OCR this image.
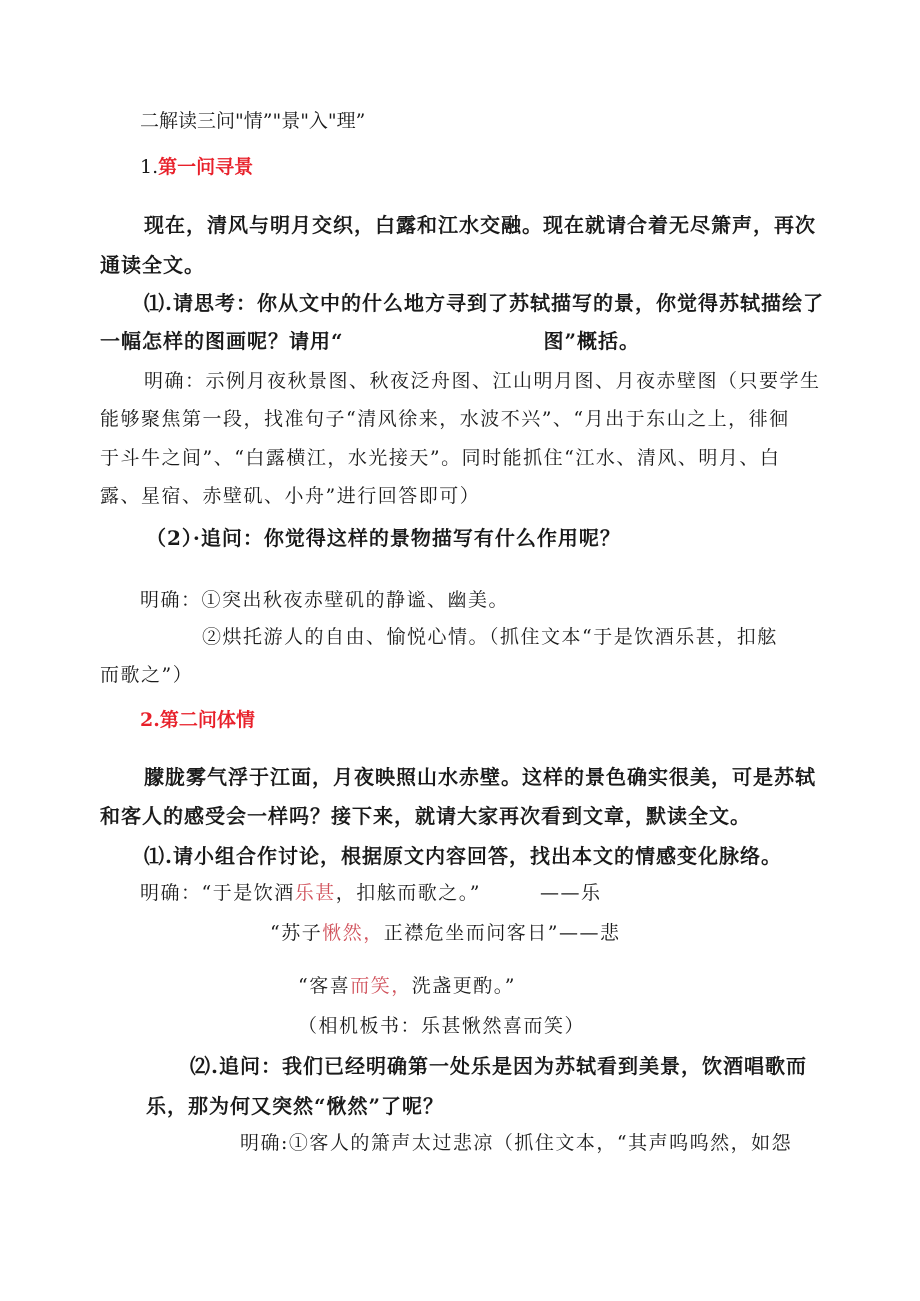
二解读三问"情”"景"入"理”
1.第一问寻景
现在，清风与明月交织，白露和江水交融。现在就请合着无尽箫声，再次
通读全文。
⑴.请思考：你从文中的什么地方寻到了苏轼描写的景，你觉得苏轼描绘了
一幅怎样的图画呢？请用“	图”概括。
明确：示例月夜秋景图、秋夜泛舟图、江山明月图、月夜赤壁图（只要学生
能够聚焦第一段，找准句子“清风徐来，水波不兴”、“月出于东山之上，徘徊
于斗牛之间”、“白露横江，水光接天”。同时能抓住“江水、清风、明月、白
露、星宿、赤壁矶、小舟”进行回答即可）
（2）·追问：你觉得这样的景物描写有什么作用呢？
明确：①突出秋夜赤壁矶的静谧、幽美。
②烘托游人的自由、愉悦心情。（抓住文本“于是饮酒乐甚，扣舷
而歌之”）
2.第二问体情
朦胧雾气浮于江面，月夜映照山水赤壁。这样的景色确实很美，可是苏轼
和客人的感受会一样吗？接下来，就请大家再次看到文章，默读全文。
⑴.请小组合作讨论，根据原文内容回答，找出本文的情感变化脉络。
明确：“于是饮酒乐甚，扣舷而歌之。”	——乐
“苏子愀然，正襟危坐而问客日”——悲
“客喜而笑，洗盏更酌。”
（相机板书：乐甚愀然喜而笑）
⑵.追问：我们已经明确第一处乐是因为苏轼看到美景，饮酒唱歌而
乐，那为何又突然“愀然”了呢？
明确:①客人的箫声太过悲凉（抓住文本，“其声呜呜然，如怨
